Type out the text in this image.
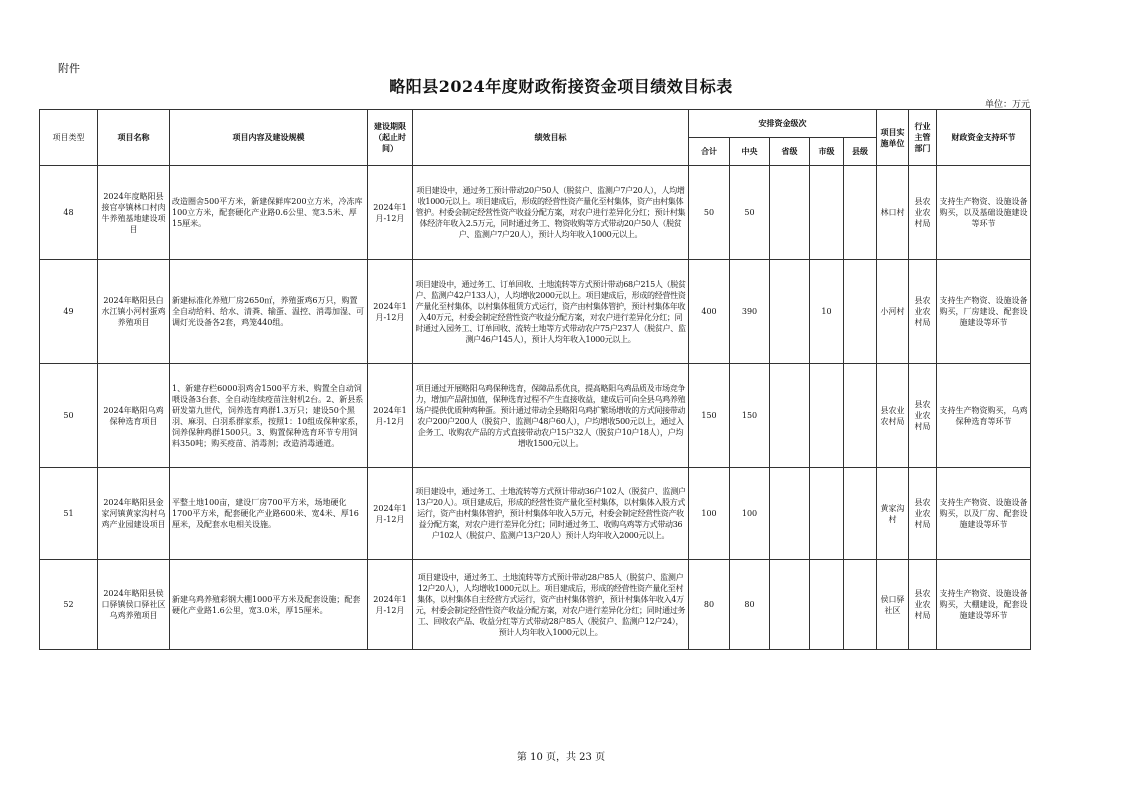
附件
略阳县2024年度财政衔接资金项目绩效目标表
单位：万元
项目类型	项目名称	项目内容及建设规模	建设期限（起止时间）	绩效目标	安排资金级次					项目实施单位	行业主管部门	财政资金支持环节
					合计	中央	省级	市级	县级			
48	2024年度略阳县接官亭镇林口村肉牛养殖基地建设项目	改造圈舍500平方米，新建保鲜库200立方米，冷冻库100立方米，配套硬化产业路0.6公里、宽3.5米、厚15厘米。	2024年1月-12月	项目建设中，通过务工预计带动20户50人（脱贫户、监测户7户20人），人均增收1000元以上。项目建成后，形成的经营性资产量化至村集体，资产由村集体管护。村委会制定经营性资产收益分配方案，对农户进行差异化分红；预计村集体经济年收入2.5万元，同时通过务工、物资收购等方式带动20户50人（脱贫户、监测户7户20人），预计人均年收入1000元以上。	50	50				林口村	县农业农村局	支持生产物资、设施设备购买，以及基础设施建设等环节
49	2024年略阳县白水江镇小河村蛋鸡养殖项目	新建标准化养殖厂房2650㎡，养殖蛋鸡6万只，购置全自动给料、给水、清粪、输蛋、温控、消毒加湿、可调灯光设备各2套，鸡笼440组。	2024年1月-12月	项目建设中，通过务工、订单回收、土地流转等方式预计带动68户215人（脱贫户、监测户42户133人），人均增收2000元以上。项目建成后，形成的经营性资产量化至村集体，以村集体租赁方式运行，资产由村集体管护，预计村集体年收入40万元，村委会制定经营性资产收益分配方案，对农户进行差异化分红；同时通过入园务工、订单回收、流转土地等方式带动农户75户237人（脱贫户、监测户46户145人），预计人均年收入1000元以上。	400	390		10		小河村	县农业农村局	支持生产物资、设施设备购买，厂房建设、配套设施建设等环节
50	2024年略阳乌鸡保种选育项目	1、新建存栏6000羽鸡舍1500平方米、购置全自动饲喂设备3台套、全自动连续疫苗注射机2台。2、新县系研发第九世代，饲养选育鸡群1.3万只；建设50个黑羽、麻羽、白羽系群家系，按照1：10组成保种家系，饲养保种鸡群1500只。3、购置保种选育环节专用饲料350吨；购买疫苗、消毒剂；改造消毒通道。	2024年1月-12月	项目通过开展略阳乌鸡保种选育，保障品系优良，提高略阳乌鸡品质及市场竞争力，增加产品附加值，保种选育过程不产生直接收益，建成后可向全县乌鸡养殖场户提供优质种鸡种蛋。预计通过带动全县略阳乌鸡扩繁场增收的方式间接带动农户200户200人（脱贫户、监测户48户60人），户均增收500元以上，通过入企务工、收购农产品的方式直接带动农户15户32人（脱贫户10户18人），户均增收1500元以上。	150	150				县农业农村局	县农业农村局	支持生产物资购买，乌鸡保种选育等环节
51	2024年略阳县金家河镇黄家沟村乌鸡产业园建设项目	平整土地100亩，建设厂房700平方米，场地硬化1700平方米，配套硬化产业路600米、宽4米、厚16厘米，及配套水电相关设施。	2024年1月-12月	项目建设中，通过务工、土地流转等方式预计带动36户102人（脱贫户、监测户13户20人）。项目建成后，形成的经营性资产量化至村集体，以村集体入股方式运行，资产由村集体管护，预计村集体年收入5万元，村委会制定经营性资产收益分配方案，对农户进行差异化分红；同时通过务工、收购乌鸡等方式带动36户102人（脱贫户、监测户13户20人）预计人均年收入2000元以上。	100	100				黄家沟村	县农业农村局	支持生产物资、设施设备购买，以及厂房、配套设施建设等环节
52	2024年略阳县侯口驿镇侯口驿社区乌鸡养殖项目	新建乌鸡养殖彩钢大棚1000平方米及配套设施；配套硬化产业路1.6公里，宽3.0米，厚15厘米。	2024年1月-12月	项目建设中，通过务工、土地流转等方式预计带动28户85人（脱贫户、监测户12户20人），人均增收1000元以上。项目建成后，形成的经营性资产量化至村集体，以村集体自主经营方式运行，资产由村集体管护，预计村集体年收入4万元，村委会制定经营性资产收益分配方案，对农户进行差异化分红；同时通过务工、回收农产品、收益分红等方式带动28户85人（脱贫户、监测户12户24），预计人均年收入1000元以上。	80	80				侯口驿社区	县农业农村局	支持生产物资、设施设备购买，大棚建设，配套设施建设等环节
第 10 页，共 23 页
